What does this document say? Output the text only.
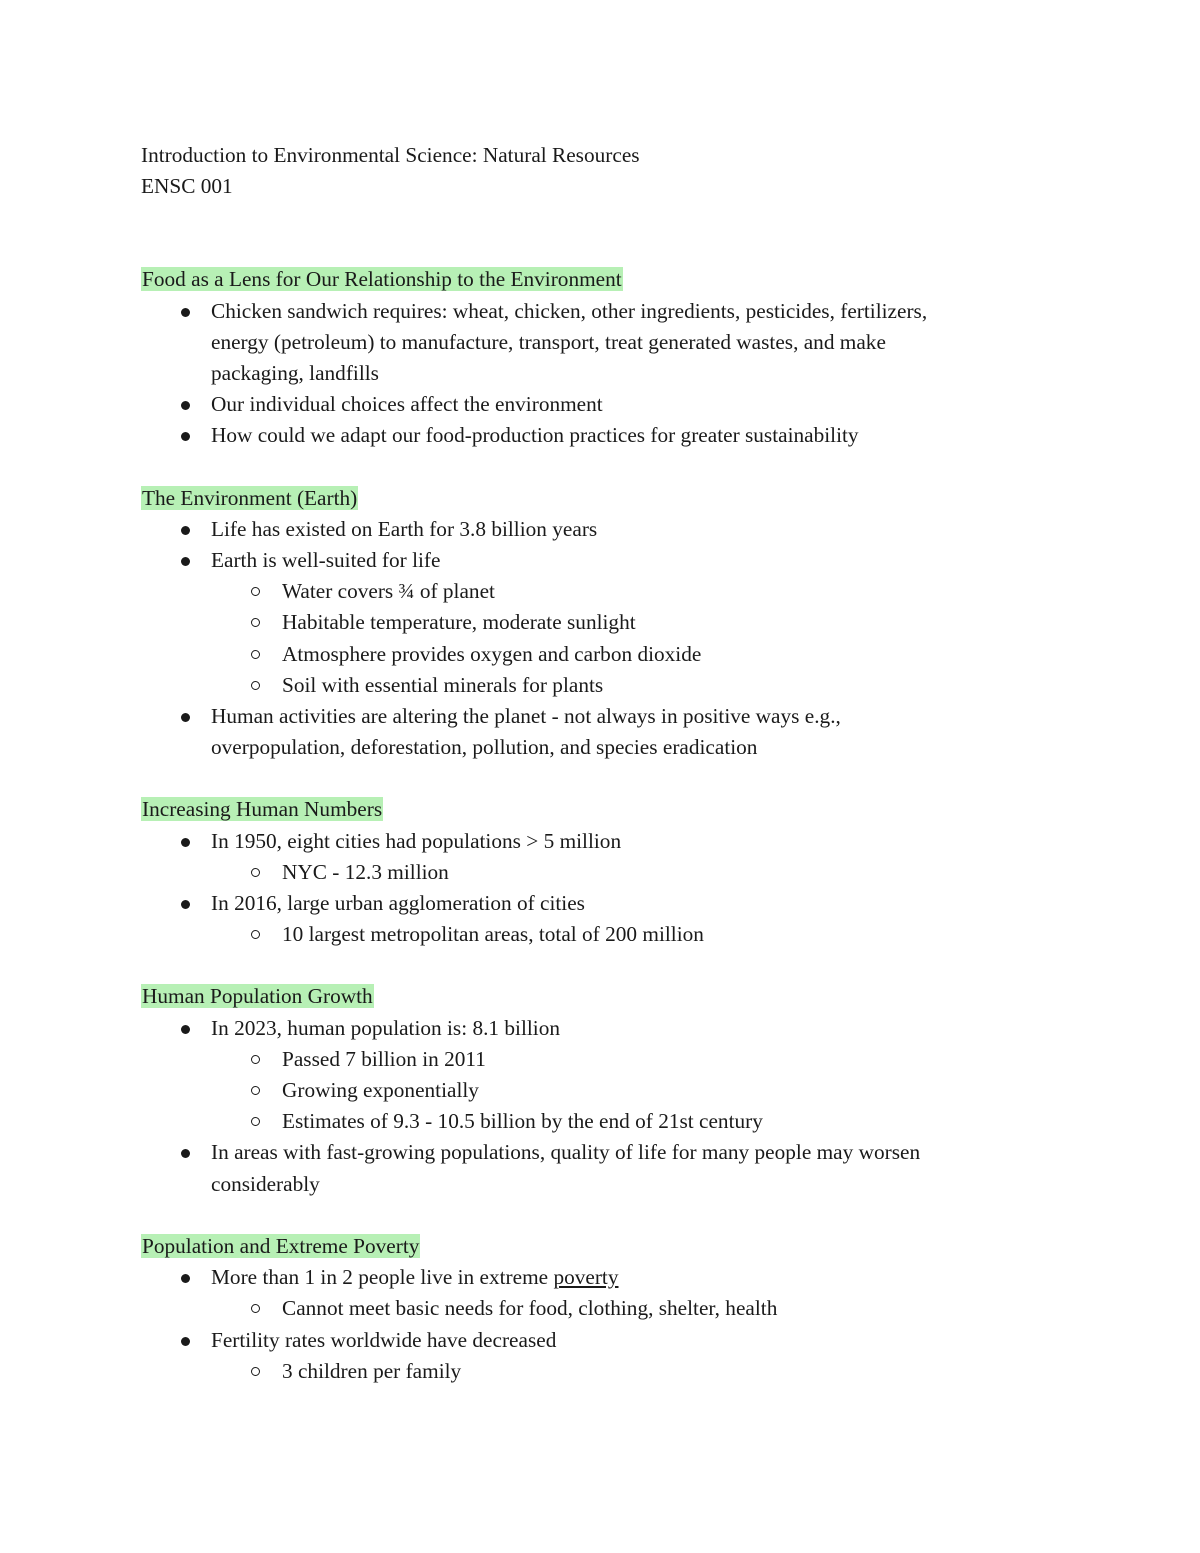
Introduction to Environmental Science: Natural Resources
ENSC 001
Food as a Lens for Our Relationship to the Environment
Chicken sandwich requires: wheat, chicken, other ingredients, pesticides, fertilizers,
energy (petroleum) to manufacture, transport, treat generated wastes, and make
packaging, landfills
Our individual choices affect the environment
How could we adapt our food-production practices for greater sustainability
The Environment (Earth)
Life has existed on Earth for 3.8 billion years
Earth is well-suited for life
Water covers ¾ of planet
Habitable temperature, moderate sunlight
Atmosphere provides oxygen and carbon dioxide
Soil with essential minerals for plants
Human activities are altering the planet - not always in positive ways e.g.,
overpopulation, deforestation, pollution, and species eradication
Increasing Human Numbers
In 1950, eight cities had populations > 5 million
NYC - 12.3 million
In 2016, large urban agglomeration of cities
10 largest metropolitan areas, total of 200 million
Human Population Growth
In 2023, human population is: 8.1 billion
Passed 7 billion in 2011
Growing exponentially
Estimates of 9.3 - 10.5 billion by the end of 21st century
In areas with fast-growing populations, quality of life for many people may worsen
considerably
Population and Extreme Poverty
More than 1 in 2 people live in extreme poverty
Cannot meet basic needs for food, clothing, shelter, health
Fertility rates worldwide have decreased
3 children per family
